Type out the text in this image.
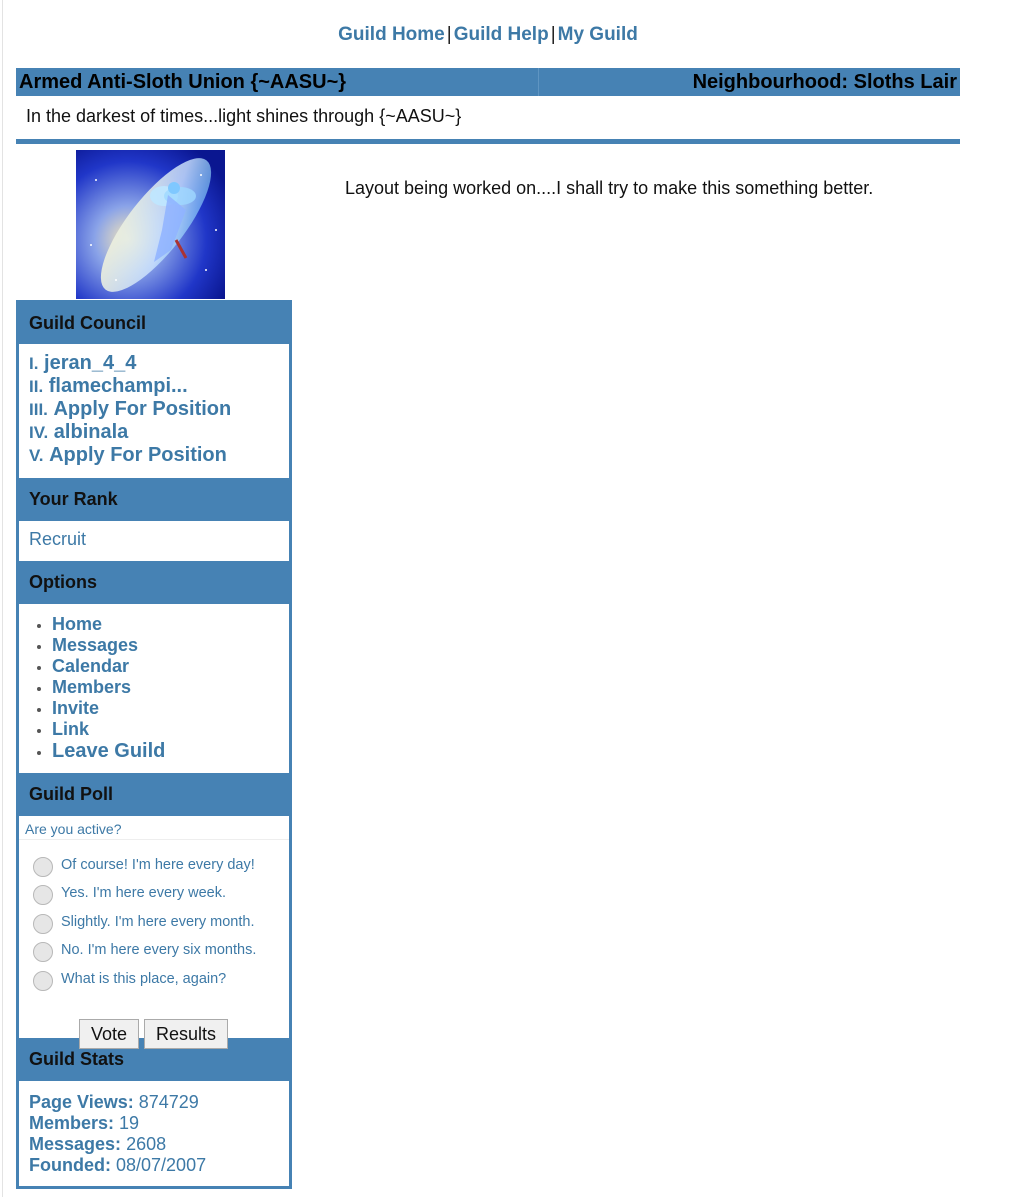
Guild Home | Guild Help | My Guild
Armed Anti-Sloth Union {~AASU~}	Neighbourhood: Sloths Lair
In the darkest of times...light shines through {~AASU~}
Layout being worked on....I shall try to make this something better.
Guild Council
I. jeran_4_4
II. flamechampi...
III. Apply For Position
IV. albinala
V. Apply For Position
Your Rank
Recruit
Options
• Home
• Messages
• Calendar
• Members
• Invite
• Link
• Leave Guild
Guild Poll
Are you active?
Of course! I'm here every day!
Yes. I'm here every week.
Slightly. I'm here every month.
No. I'm here every six months.
What is this place, again?
Vote	Results
Guild Stats
Page Views: 874729
Members: 19
Messages: 2608
Founded: 08/07/2007
